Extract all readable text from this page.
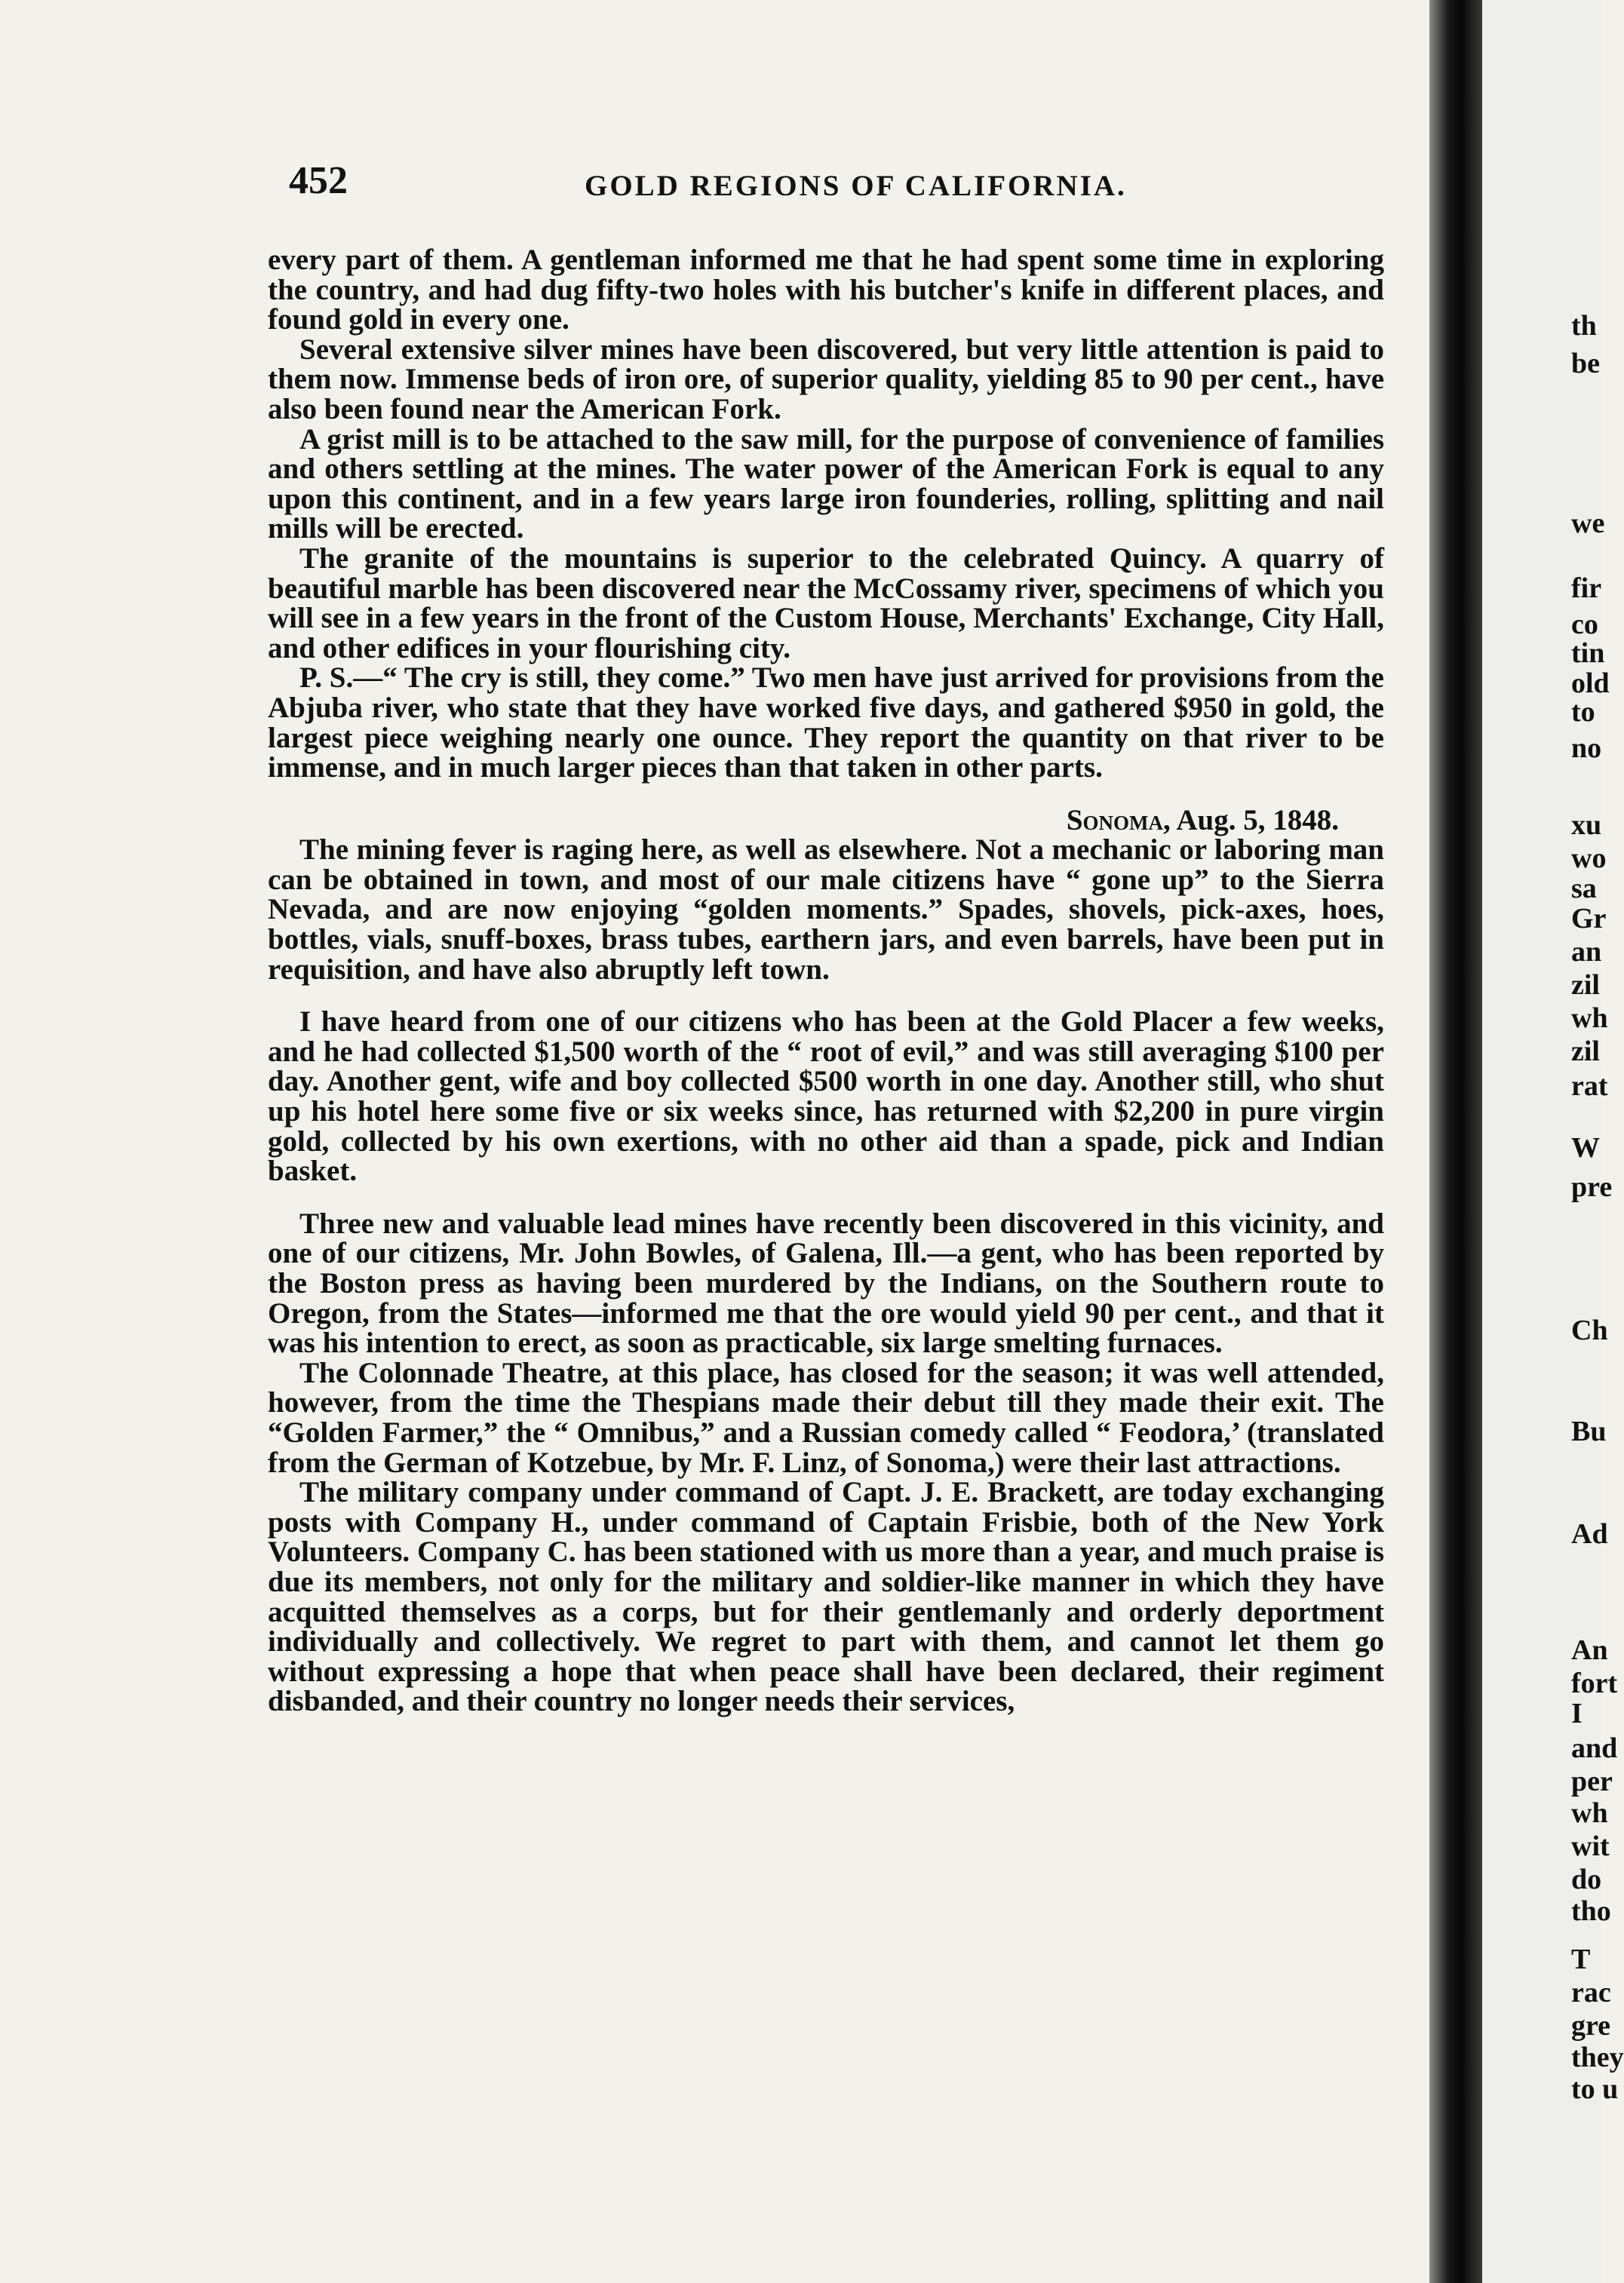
th
be
we
fir
co
tin
old
to
no
xu
wo
sa
Gr
an
zil
wh
zil
rat
W
pre
Ch
Bu
Ad
An
fort
I
and
per
wh
wit
do
tho
T
rac
gre
they
to u
452	GOLD REGIONS OF CALIFORNIA.

every part of them. A gentleman informed me that he had spent some time in exploring the country, and had dug fifty-two holes with his butcher's knife in different places, and found gold in every one.

Several extensive silver mines have been discovered, but very little attention is paid to them now. Immense beds of iron ore, of superior quality, yielding 85 to 90 per cent., have also been found near the American Fork.

A grist mill is to be attached to the saw mill, for the purpose of convenience of families and others settling at the mines. The water power of the American Fork is equal to any upon this continent, and in a few years large iron founderies, rolling, splitting and nail mills will be erected.

The granite of the mountains is superior to the celebrated Quincy. A quarry of beautiful marble has been discovered near the McCossamy river, specimens of which you will see in a few years in the front of the Custom House, Merchants' Exchange, City Hall, and other edifices in your flourishing city.

P. S.—“ The cry is still, they come.” Two men have just arrived for provisions from the Abjuba river, who state that they have worked five days, and gathered $950 in gold, the largest piece weighing nearly one ounce. They report the quantity on that river to be immense, and in much larger pieces than that taken in other parts.

Sonoma, Aug. 5, 1848.

The mining fever is raging here, as well as elsewhere. Not a mechanic or laboring man can be obtained in town, and most of our male citizens have “ gone up” to the Sierra Nevada, and are now enjoying “golden moments.” Spades, shovels, pick-axes, hoes, bottles, vials, snuff-boxes, brass tubes, earthern jars, and even barrels, have been put in requisition, and have also abruptly left town.

I have heard from one of our citizens who has been at the Gold Placer a few weeks, and he had collected $1,500 worth of the “ root of evil,” and was still averaging $100 per day. Another gent, wife and boy collected $500 worth in one day. Another still, who shut up his hotel here some five or six weeks since, has returned with $2,200 in pure virgin gold, collected by his own exertions, with no other aid than a spade, pick and Indian basket.

Three new and valuable lead mines have recently been discovered in this vicinity, and one of our citizens, Mr. John Bowles, of Galena, Ill.—a gent, who has been reported by the Boston press as having been murdered by the Indians, on the Southern route to Oregon, from the States—informed me that the ore would yield 90 per cent., and that it was his intention to erect, as soon as practicable, six large smelting furnaces.

The Colonnade Theatre, at this place, has closed for the season; it was well attended, however, from the time the Thespians made their debut till they made their exit. The “Golden Farmer,” the “ Omnibus,” and a Russian comedy called “ Feodora,’ (translated from the German of Kotzebue, by Mr. F. Linz, of Sonoma,) were their last attractions.

The military company under command of Capt. J. E. Brackett, are today exchanging posts with Company H., under command of Captain Frisbie, both of the New York Volunteers. Company C. has been stationed with us more than a year, and much praise is due its members, not only for the military and soldier-like manner in which they have acquitted themselves as a corps, but for their gentlemanly and orderly deportment individually and collectively. We regret to part with them, and cannot let them go without expressing a hope that when peace shall have been declared, their regiment disbanded, and their country no longer needs their services,
